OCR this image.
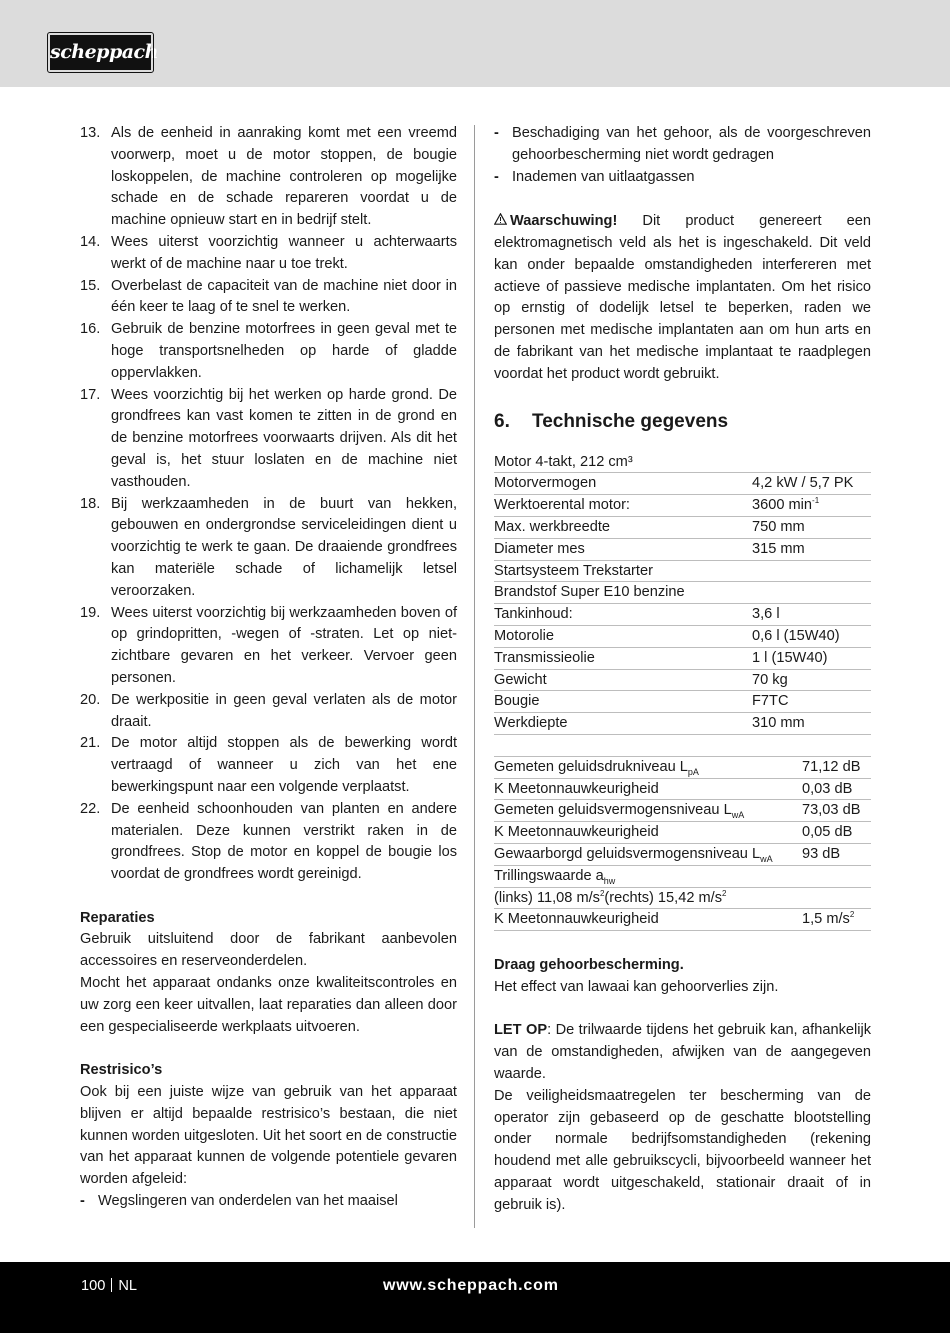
scheppach
13. Als de eenheid in aanraking komt met een vreemd voorwerp, moet u de motor stoppen, de bougie loskoppelen, de machine controleren op mogelijke schade en de schade repareren voordat u de machine opnieuw start en in bedrijf stelt.
14. Wees uiterst voorzichtig wanneer u achterwaarts werkt of de machine naar u toe trekt.
15. Overbelast de capaciteit van de machine niet door in één keer te laag of te snel te werken.
16. Gebruik de benzine motorfrees in geen geval met te hoge transportsnelheden op harde of gladde oppervlakken.
17. Wees voorzichtig bij het werken op harde grond. De grondfrees kan vast komen te zitten in de grond en de benzine motorfrees voorwaarts drijven. Als dit het geval is, het stuur loslaten en de machine niet vasthouden.
18. Bij werkzaamheden in de buurt van hekken, gebouwen en ondergrondse serviceleidingen dient u voorzichtig te werk te gaan. De draaiende grondfrees kan materiële schade of lichamelijk letsel veroorzaken.
19. Wees uiterst voorzichtig bij werkzaamheden boven of op grindopritten, -wegen of -straten. Let op niet-zichtbare gevaren en het verkeer. Vervoer geen personen.
20. De werkpositie in geen geval verlaten als de motor draait.
21. De motor altijd stoppen als de bewerking wordt vertraagd of wanneer u zich van het ene bewerkingspunt naar een volgende verplaatst.
22. De eenheid schoonhouden van planten en andere materialen. Deze kunnen verstrikt raken in de grondfrees. Stop de motor en koppel de bougie los voordat de grondfrees wordt gereinigd.
Reparaties
Gebruik uitsluitend door de fabrikant aanbevolen accessoires en reserveonderdelen.
Mocht het apparaat ondanks onze kwaliteitscontroles en uw zorg een keer uitvallen, laat reparaties dan alleen door een gespecialiseerde werkplaats uitvoeren.
Restrisico’s
Ook bij een juiste wijze van gebruik van het apparaat blijven er altijd bepaalde restrisico’s bestaan, die niet kunnen worden uitgesloten. Uit het soort en de constructie van het apparaat kunnen de volgende potentiele gevaren worden afgeleid:
- Wegslingeren van onderdelen van het maaisel
- Beschadiging van het gehoor, als de voorgeschreven gehoorbescherming niet wordt gedragen
- Inademen van uitlaatgassen
Waarschuwing! Dit product genereert een elektromagnetisch veld als het is ingeschakeld. Dit veld kan onder bepaalde omstandigheden interfereren met actieve of passieve medische implantaten. Om het risico op ernstig of dodelijk letsel te beperken, raden we personen met medische implantaten aan om hun arts en de fabrikant van het medische implantaat te raadplegen voordat het product wordt gebruikt.
6.	Technische gegevens
Motor 4-takt, 212 cm³	
Motorvermogen	4,2 kW / 5,7 PK
Werktoerental motor:	3600 $\min^{-1}$
Max. werkbreedte	750 mm
Diameter mes	315 mm
Startsysteem Trekstarter	
Brandstof Super E10 benzine	
Tankinhoud:	3,6 l
Motorolie	0,6 l (15W40)
Transmissieolie	1 l (15W40)
Gewicht	70 kg
Bougie	F7TC
Werkdiepte	310 mm

Gemeten geluidsdrukniveau $L_{pA}$	71,12 dB
K Meetonnauwkeurigheid	0,03 dB
Gemeten geluidsvermogensniveau $L_{wA}$	73,03 dB
K Meetonnauwkeurigheid	0,05 dB
Gewaarborgd geluidsvermogensniveau $L_{wA}$	93 dB
Trillingswaarde $a_{hw}$
(links) 11,08 $m/s^2(rechts)$ 15,42 $m/s^2$
K Meetonnauwkeurigheid	1,5 $m/s^2$
Draag gehoorbescherming.
Het effect van lawaai kan gehoorverlies zijn.
LET OP: De trilwaarde tijdens het gebruik kan, afhankelijk van de omstandigheden, afwijken van de aangegeven waarde.
De veiligheidsmaatregelen ter bescherming van de operator zijn gebaseerd op de geschatte blootstelling onder normale bedrijfsomstandigheden (rekening houdend met alle gebruikscycli, bijvoorbeeld wanneer het apparaat wordt uitgeschakeld, stationair draait of in gebruik is).
100 NL	www.scheppach.com
